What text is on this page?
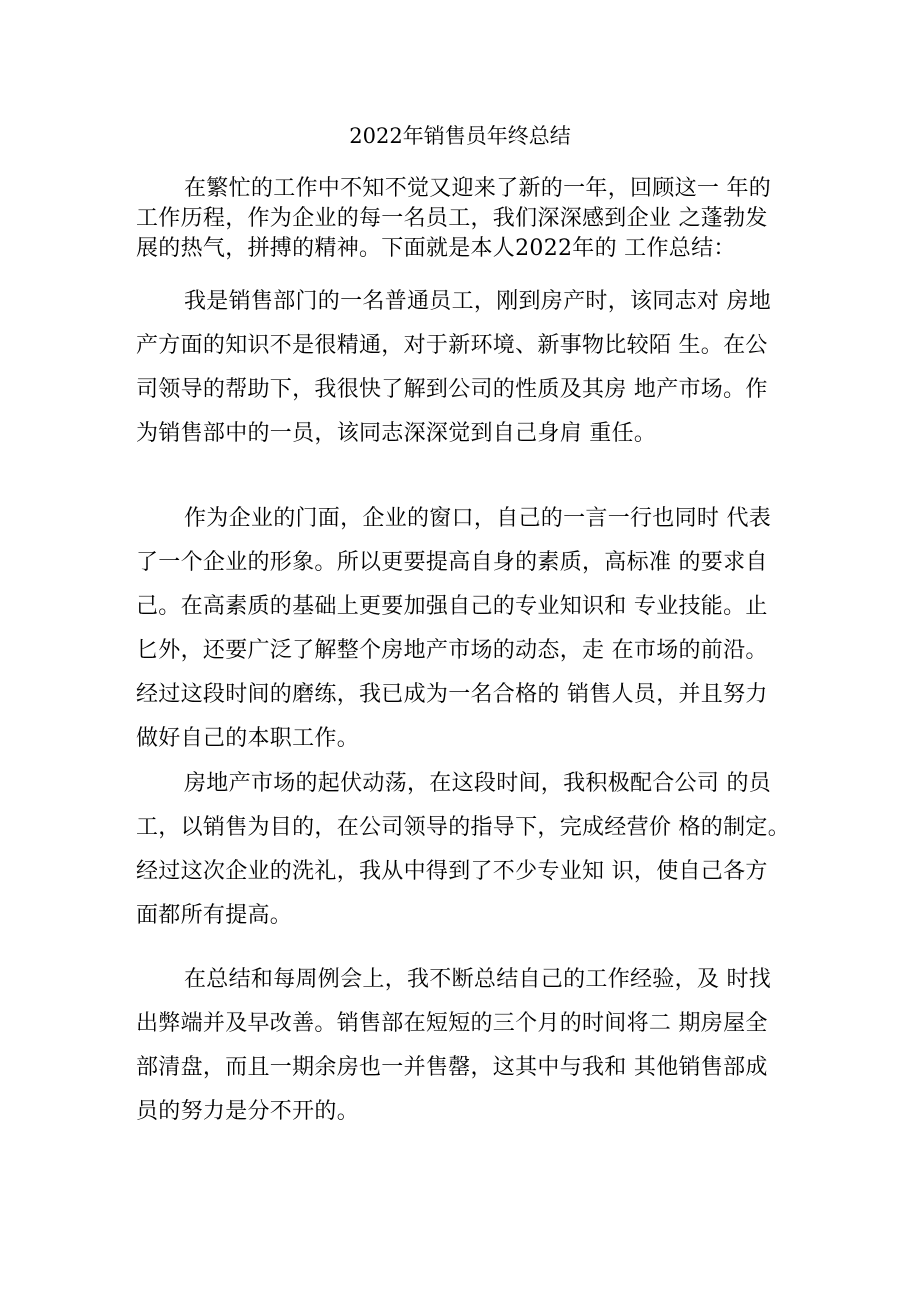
2022年销售员年终总结

在繁忙的工作中不知不觉又迎来了新的一年，回顾这一 年的
工作历程，作为企业的每一名员工，我们深深感到企业 之蓬勃发
展的热气，拼搏的精神。下面就是本人2022年的 工作总结：

我是销售部门的一名普通员工，刚到房产时，该同志对 房地
产方面的知识不是很精通，对于新环境、新事物比较陌 生。在公
司领导的帮助下，我很快了解到公司的性质及其房 地产市场。作
为销售部中的一员，该同志深深觉到自己身肩 重任。

作为企业的门面，企业的窗口，自己的一言一行也同时 代表
了一个企业的形象。所以更要提高自身的素质，高标准 的要求自
己。在高素质的基础上更要加强自己的专业知识和 专业技能。止
匕外，还要广泛了解整个房地产市场的动态，走 在市场的前沿。
经过这段时间的磨练，我已成为一名合格的 销售人员，并且努力
做好自己的本职工作。

房地产市场的起伏动荡，在这段时间，我积极配合公司 的员
工，以销售为目的，在公司领导的指导下，完成经营价 格的制定。
经过这次企业的洗礼，我从中得到了不少专业知 识，使自己各方
面都所有提高。

在总结和每周例会上，我不断总结自己的工作经验，及 时找
出弊端并及早改善。销售部在短短的三个月的时间将二 期房屋全
部清盘，而且一期余房也一并售罄，这其中与我和 其他销售部成
员的努力是分不开的。
